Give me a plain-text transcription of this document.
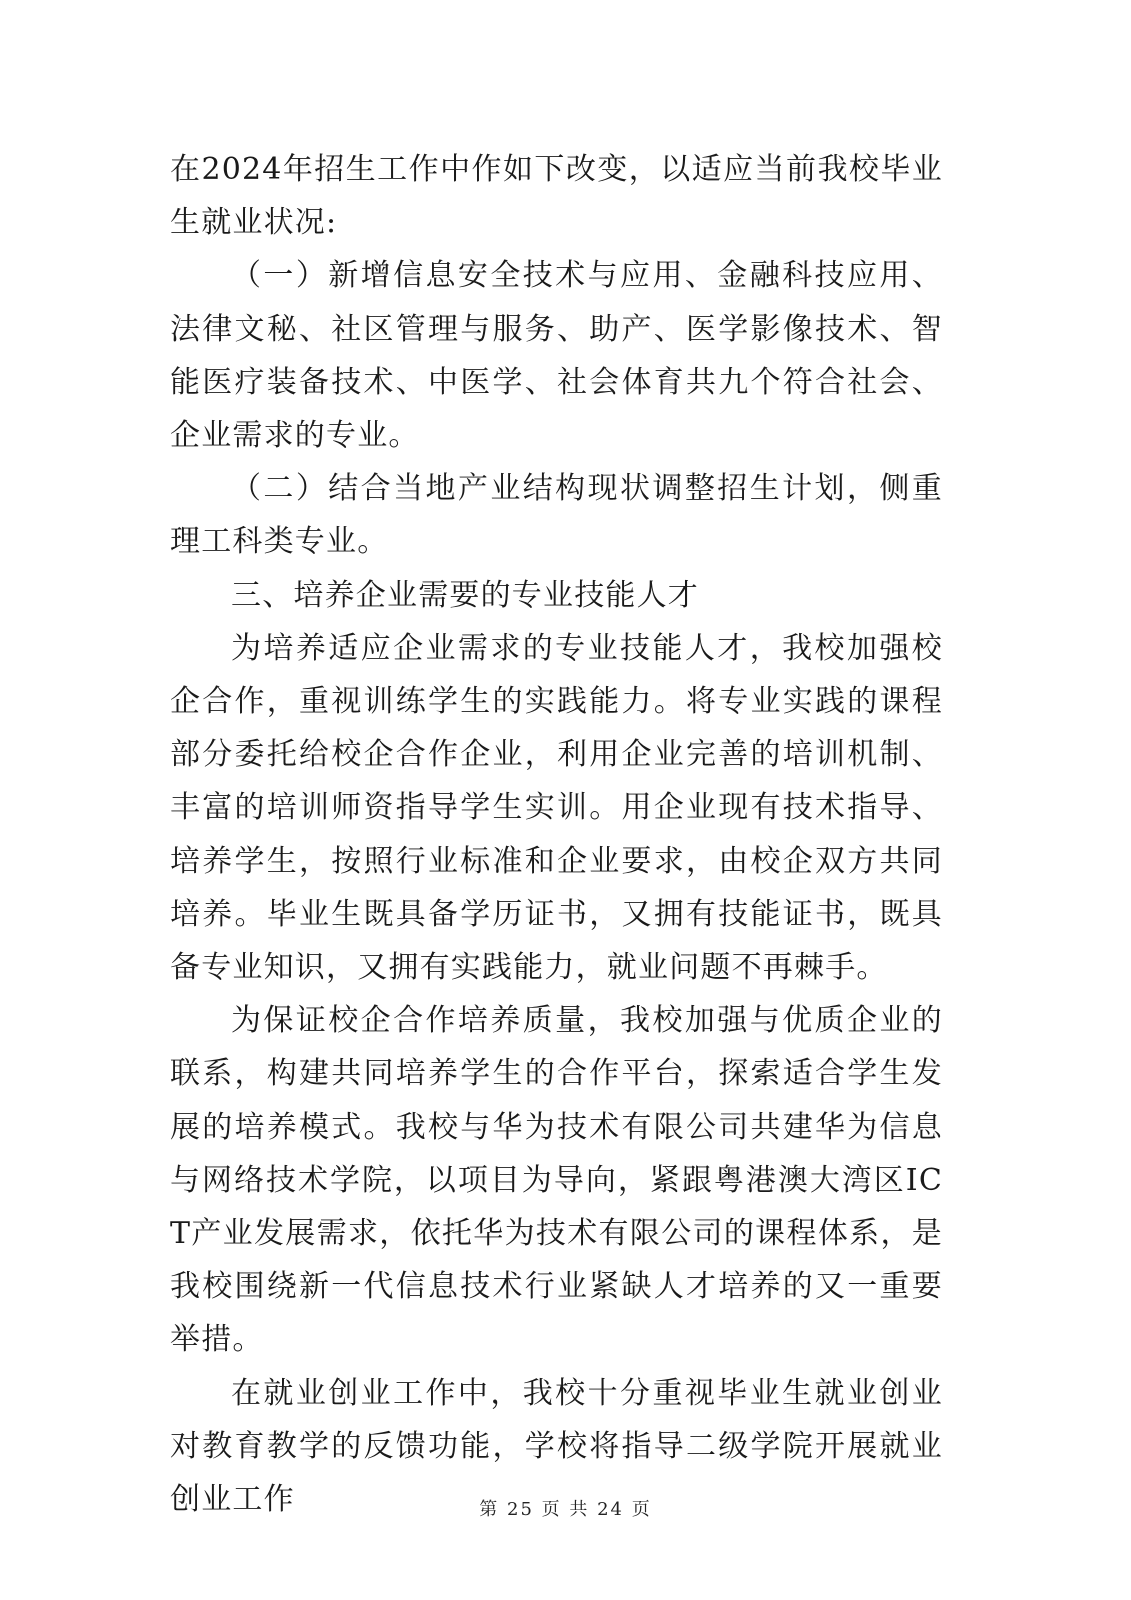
在2024年招生工作中作如下改变，以适应当前我校毕业生就业状况:

（一）新增信息安全技术与应用、金融科技应用、法律文秘、社区管理与服务、助产、医学影像技术、智能医疗装备技术、中医学、社会体育共九个符合社会、企业需求的专业。

（二）结合当地产业结构现状调整招生计划，侧重理工科类专业。

三、培养企业需要的专业技能人才

为培养适应企业需求的专业技能人才，我校加强校企合作，重视训练学生的实践能力。将专业实践的课程部分委托给校企合作企业，利用企业完善的培训机制、丰富的培训师资指导学生实训。用企业现有技术指导、培养学生，按照行业标准和企业要求，由校企双方共同培养。毕业生既具备学历证书，又拥有技能证书，既具备专业知识，又拥有实践能力，就业问题不再棘手。

为保证校企合作培养质量，我校加强与优质企业的联系，构建共同培养学生的合作平台，探索适合学生发展的培养模式。我校与华为技术有限公司共建华为信息与网络技术学院，以项目为导向，紧跟粤港澳大湾区ICT产业发展需求，依托华为技术有限公司的课程体系，是我校围绕新一代信息技术行业紧缺人才培养的又一重要举措。

在就业创业工作中，我校十分重视毕业生就业创业对教育教学的反馈功能，学校将指导二级学院开展就业创业工作	第 25 页 共 24 页
